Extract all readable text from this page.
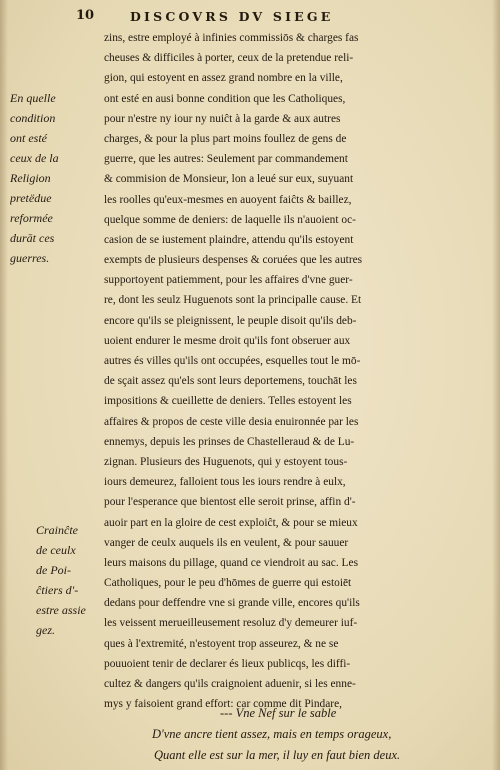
10	DISCOVRS DV SIEGE
En quelle
condition
ont esté
ceux de la
Religion
pretëdue
reformée
durāt ces
guerres.
Crainĉte
de ceulx
de Poi-
ĉtiers d'-
estre assie
gez.
zins, estre employé à infinies commissiōs & charges fas
cheuses & difficiles à porter, ceux de la pretendue reli-
gion, qui estoyent en assez grand nombre en la ville,
ont esté en ausi bonne condition que les Catholiques,
pour n'estre ny iour ny nuiĉt à la garde & aux autres
charges, & pour la plus part moins foullez de gens de
guerre, que les autres: Seulement par commandement
& commision de Monsieur, lon a leué sur eux, suyuant
les roolles qu'eux-mesmes en auoyent faiĉts & baillez,
quelque somme de deniers: de laquelle ils n'auoient oc-
casion de se iustement plaindre, attendu qu'ils estoyent
exempts de plusieurs despenses & coruées que les autres
supportoyent patiemment, pour les affaires d'vne guer-
re, dont les seulz Huguenots sont la principalle cause. Et
encore qu'ils se pleignissent, le peuple disoit qu'ils deb-
uoient endurer le mesme droit qu'ils font obseruer aux
autres és villes qu'ils ont occupées, esquelles tout le mō-
de sçait assez qu'els sont leurs deportemens, touchāt les
impositions & cueillette de deniers. Telles estoyent les
affaires & propos de ceste ville desia enuironnée par les
ennemys, depuis les prinses de Chastelleraud & de Lu-
zignan. Plusieurs des Huguenots, qui y estoyent tous-
iours demeurez, falloient tous les iours rendre à eulx,
pour l'esperance que bientost elle seroit prinse, affin d'-
auoir part en la gloire de cest exploiĉt, & pour se mieux
vanger de ceulx auquels ils en veulent, & pour sauuer
leurs maisons du pillage, quand ce viendroit au sac. Les
Catholiques, pour le peu d'hōmes de guerre qui estoiēt
dedans pour deffendre vne si grande ville, encores qu'ils
les veissent merueilleusement resoluz d'y demeurer iuf-
ques à l'extremité, n'estoyent trop asseurez, & ne se
pouuoient tenir de declarer és lieux publicqs, les diffi-
cultez & dangers qu'ils craignoient aduenir, si les enne-
mys y faisoient grand effort: car comme dit Pindare,
--- Vne Nef sur le sable
D'vne ancre tient assez, mais en temps orageux,
Quant elle est sur la mer, il luy en faut bien deux.
